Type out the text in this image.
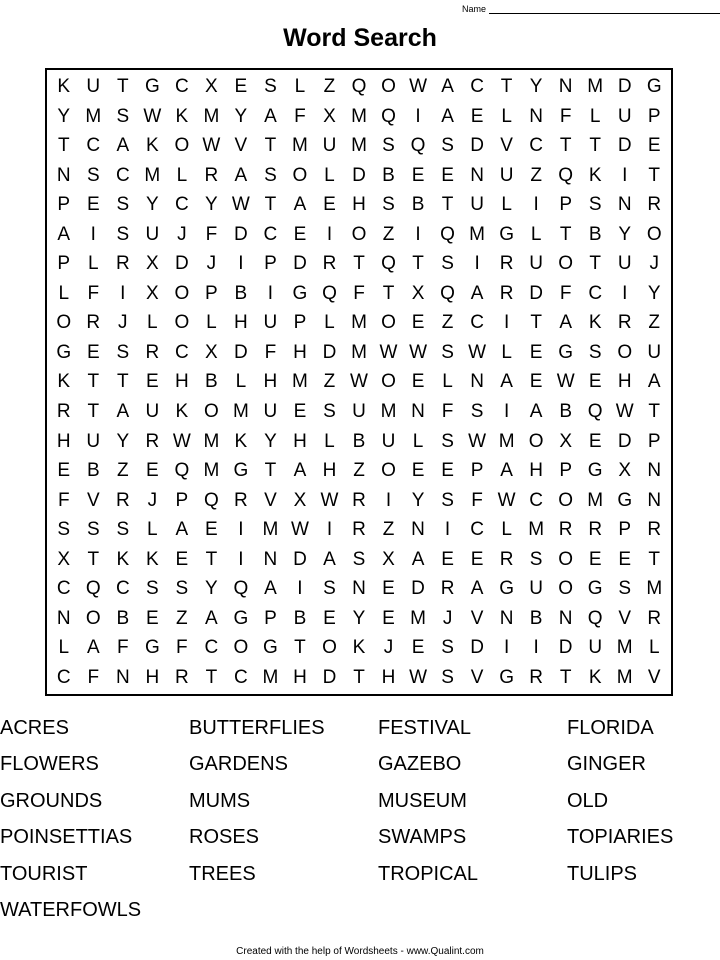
Name
Word Search
K U T G C X E S L Z Q O W A C T Y N M D G
Y M S W K M Y A F X M Q	I	A E L N F L U P
T C A K O W V T M U M S Q S D V C T T D E
N S C M L R A S O L D B E E N U Z Q K	I	T
P E S Y C Y W T A E H S B T U L	I	P S N R
A	I	S U J F D C E	I	O Z	I	Q M G L T B Y O
P L R X D J	I	P D R T Q T S	I	R U O T U J
L F	I	X O P B	I	G Q F T X Q A R D F C	I	Y
O R J	L O L H U P L M O E Z C	I	T A K R Z
G E S R C X D F H D M W W S W L E G S O U
K T T E H B L H M Z W O E L N A E W E H A
R T A U K O M U E S U M N F S	I	A B Q W T
H U Y R W M K Y H L B U L S W M O X E D P
E B Z E Q M G T A H Z O E E P A H P G X N
F V R J P Q R V X W R	I	Y S F W C O M G N
S S S L A E	I M W I	R Z N	I	C L M R R P R
X T K K E T	I	N D A S X A E E R S O E E T
C Q C S S Y Q A	I	S N E D R A G U O G S M
N O B E Z A G P B E Y E M J V N B N Q V R
L A F G F C O G T O K J E S D	I	I	D U M L
C F N H R T C M H D T H W S V G R T K M V
ACRES	BUTTERFLIES	FESTIVAL	FLORIDA
FLOWERS	GARDENS	GAZEBO	GINGER
GROUNDS	MUMS	MUSEUM	OLD
POINSETTIAS	ROSES	SWAMPS	TOPIARIES
TOURIST	TREES	TROPICAL	TULIPS
WATERFOWLS
Created with the help of Wordsheets - www.Qualint.com
